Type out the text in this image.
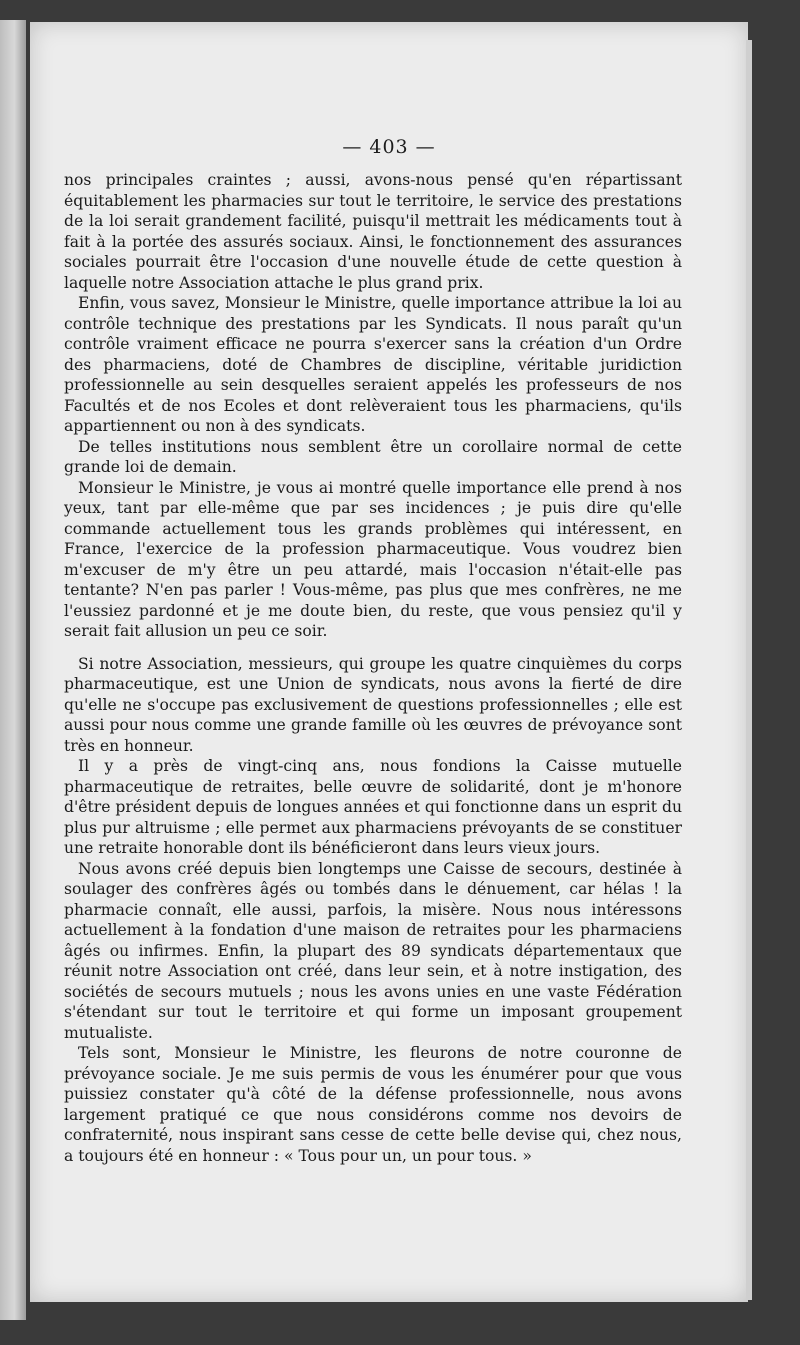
— 403 —

nos principales craintes ; aussi, avons-nous pensé qu'en répartissant équitablement les pharmacies sur tout le territoire, le service des prestations de la loi serait grandement facilité, puisqu'il mettrait les médicaments tout à fait à la portée des assurés sociaux. Ainsi, le fonctionnement des assurances sociales pourrait être l'occasion d'une nouvelle étude de cette question à laquelle notre Association attache le plus grand prix.

Enfin, vous savez, Monsieur le Ministre, quelle importance attribue la loi au contrôle technique des prestations par les Syndicats. Il nous paraît qu'un contrôle vraiment efficace ne pourra s'exercer sans la création d'un Ordre des pharmaciens, doté de Chambres de discipline, véritable juridiction professionnelle au sein desquelles seraient appelés les professeurs de nos Facultés et de nos Ecoles et dont relèveraient tous les pharmaciens, qu'ils appartiennent ou non à des syndicats.

De telles institutions nous semblent être un corollaire normal de cette grande loi de demain.

Monsieur le Ministre, je vous ai montré quelle importance elle prend à nos yeux, tant par elle-même que par ses incidences ; je puis dire qu'elle commande actuellement tous les grands problèmes qui intéressent, en France, l'exercice de la profession pharmaceutique. Vous voudrez bien m'excuser de m'y être un peu attardé, mais l'occasion n'était-elle pas tentante? N'en pas parler ! Vous-même, pas plus que mes confrères, ne me l'eussiez pardonné et je me doute bien, du reste, que vous pensiez qu'il y serait fait allusion un peu ce soir.

Si notre Association, messieurs, qui groupe les quatre cinquièmes du corps pharmaceutique, est une Union de syndicats, nous avons la fierté de dire qu'elle ne s'occupe pas exclusivement de questions professionnelles ; elle est aussi pour nous comme une grande famille où les œuvres de prévoyance sont très en honneur.

Il y a près de vingt-cinq ans, nous fondions la Caisse mutuelle pharmaceutique de retraites, belle œuvre de solidarité, dont je m'honore d'être président depuis de longues années et qui fonctionne dans un esprit du plus pur altruisme ; elle permet aux pharmaciens prévoyants de se constituer une retraite honorable dont ils bénéficieront dans leurs vieux jours.

Nous avons créé depuis bien longtemps une Caisse de secours, destinée à soulager des confrères âgés ou tombés dans le dénuement, car hélas ! la pharmacie connaît, elle aussi, parfois, la misère. Nous nous intéressons actuellement à la fondation d'une maison de retraites pour les pharmaciens âgés ou infirmes. Enfin, la plupart des 89 syndicats départementaux que réunit notre Association ont créé, dans leur sein, et à notre instigation, des sociétés de secours mutuels ; nous les avons unies en une vaste Fédération s'étendant sur tout le territoire et qui forme un imposant groupement mutualiste.

Tels sont, Monsieur le Ministre, les fleurons de notre couronne de prévoyance sociale. Je me suis permis de vous les énumérer pour que vous puissiez constater qu'à côté de la défense professionnelle, nous avons largement pratiqué ce que nous considérons comme nos devoirs de confraternité, nous inspirant sans cesse de cette belle devise qui, chez nous, a toujours été en honneur : « Tous pour un, un pour tous. »
